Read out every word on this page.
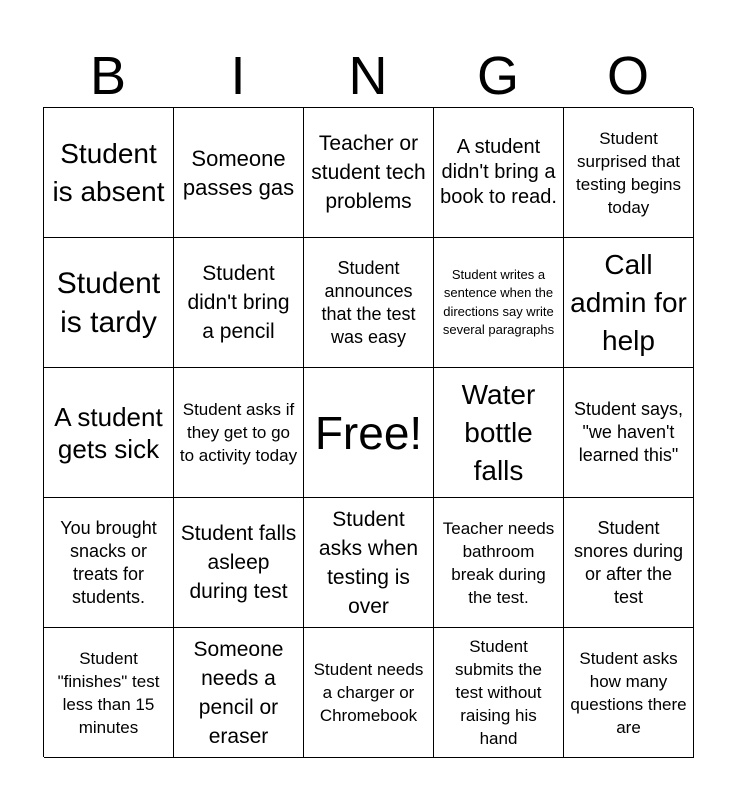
B	I	N	G	O
Student is absent
Someone passes gas
Teacher or student tech problems
A student didn't bring a book to read.
Student surprised that testing begins today
Student is tardy
Student didn't bring a pencil
Student announces that the test was easy
Student writes a sentence when the directions say write several paragraphs
Call admin for help
A student gets sick
Student asks if they get to go to activity today Free!
Water bottle falls
Student says, "we haven't learned this"
You brought snacks or treats for students.
Student falls asleep during test
Student asks when testing is over
Teacher needs bathroom break during the test.
Student snores during or after the test
Student "finishes" test less than 15 minutes
Someone needs a pencil or eraser
Student needs a charger or Chromebook
Student submits the test without raising his hand
Student asks how many questions there are
